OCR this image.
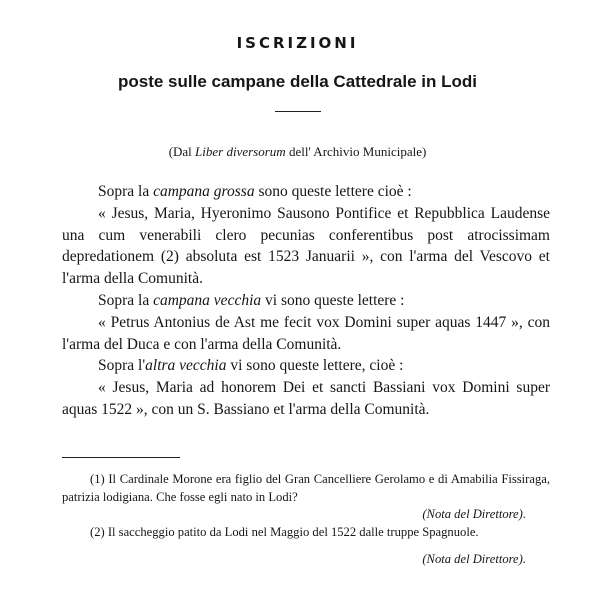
ISCRIZIONI
poste sulle campane della Cattedrale in Lodi
(Dal Liber diversorum dell' Archivio Municipale)

Sopra la campana grossa sono queste lettere cioè :

« Jesus, Maria, Hyeronimo Sausono Pontifice et Repubblica Laudense una cum venerabili clero pecunias conferentibus post atrocissimam depredationem (2) absoluta est 1523 Januarii », con l'arma del Vescovo et l'arma della Comunità.

Sopra la campana vecchia vi sono queste lettere :

« Petrus Antonius de Ast me fecit vox Domini super aquas 1447 », con l'arma del Duca e con l'arma della Comunità.

Sopra l'altra vecchia vi sono queste lettere, cioè :

« Jesus, Maria ad honorem Dei et sancti Bassiani vox Domini super aquas 1522 », con un S. Bassiano et l'arma della Comunità.

(1) Il Cardinale Morone era figlio del Gran Cancelliere Gerolamo e di Amabilia Fissiraga, patrizia lodigiana. Che fosse egli nato in Lodi?

(Nota del Direttore).

(2) Il saccheggio patito da Lodi nel Maggio del 1522 dalle truppe Spagnuole.

(Nota del Direttore).
